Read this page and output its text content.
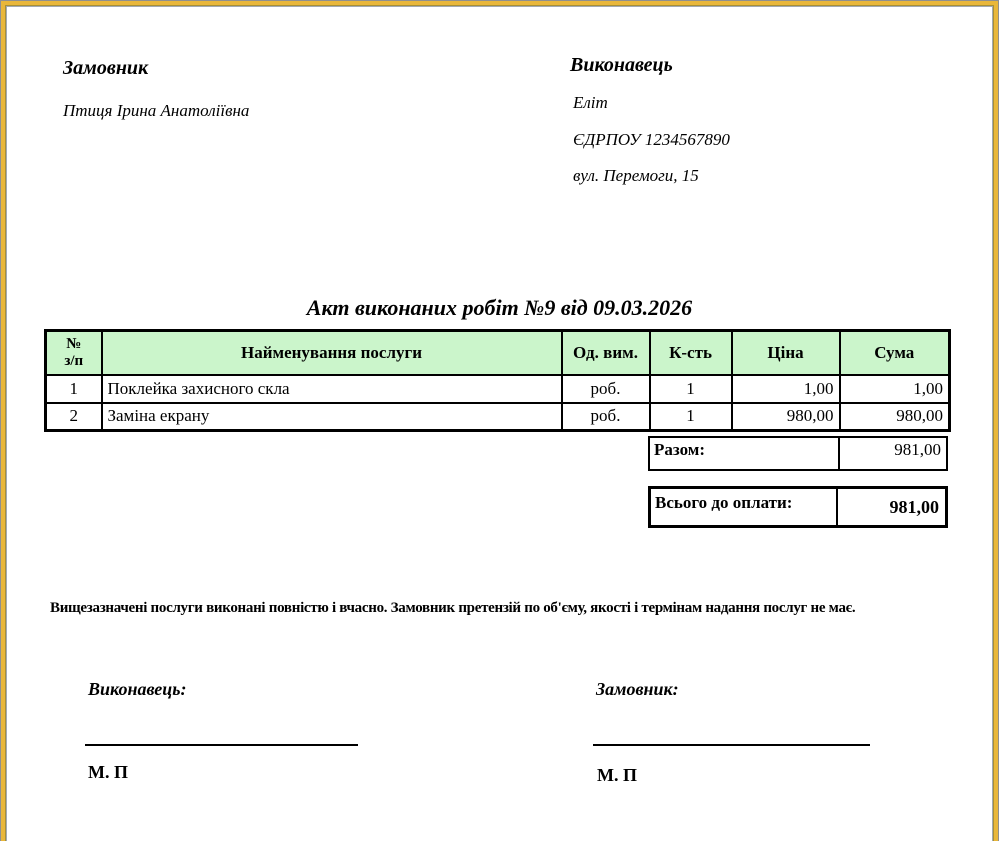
Замовник
Птиця Ірина Анатоліївна
Виконавець
Еліт
ЄДРПОУ 1234567890
вул. Перемоги, 15
Акт виконаних робіт №9 від 09.03.2026
№
з/п	Найменування послуги	Од. вим.	К-сть	Ціна	Сума
1	Поклейка захисного скла	роб.	1	1,00	1,00
2	Заміна екрану	роб.	1	980,00	980,00
Разом:	981,00
Всього до оплати:	981,00
Вищезазначені послуги виконані повністю і вчасно. Замовник претензій по об'єму, якості і термінам надання послуг не має.
Виконавець:
М. П
Замовник:
М. П
